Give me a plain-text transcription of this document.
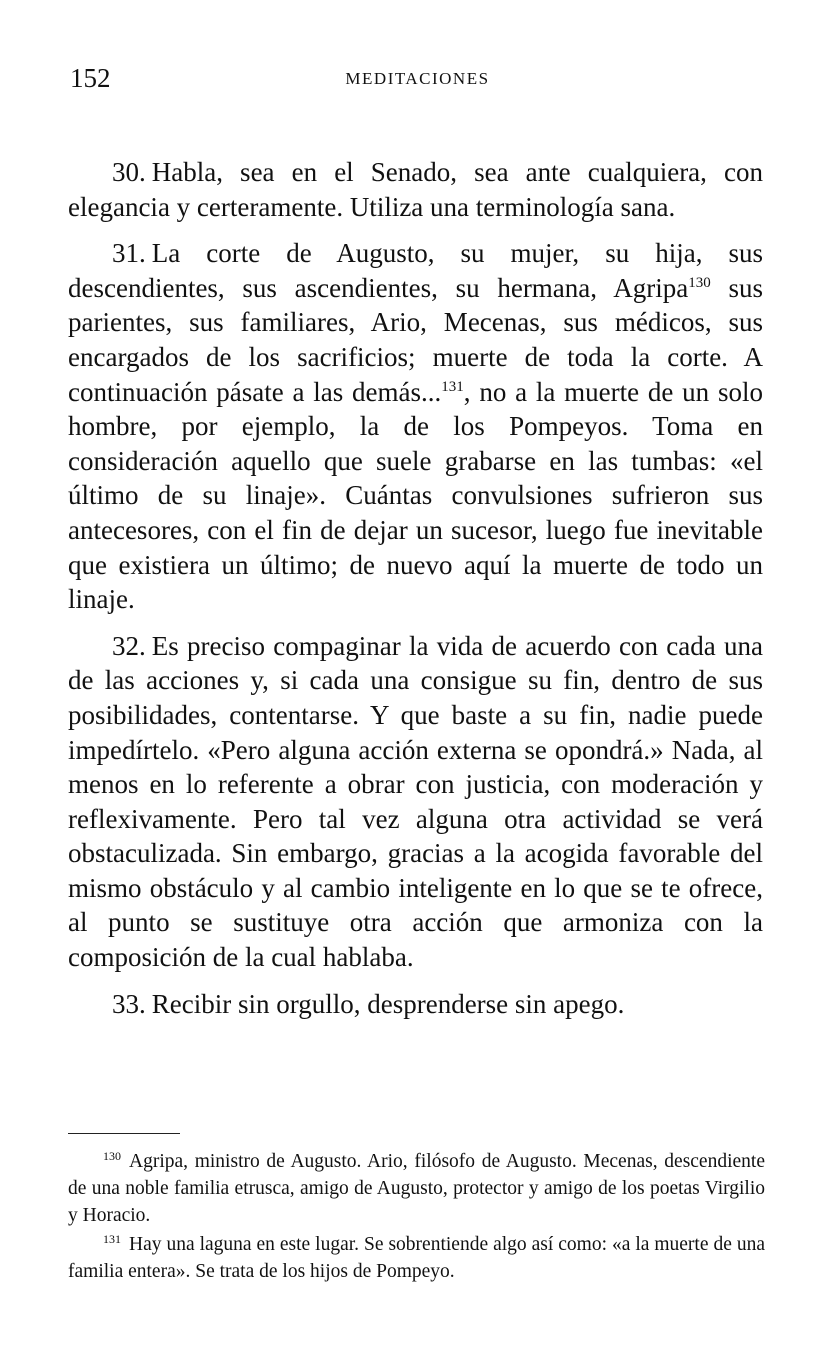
152	MEDITACIONES

30. Habla, sea en el Senado, sea ante cualquiera, con elegancia y certeramente. Utiliza una terminología sana.

31. La corte de Augusto, su mujer, su hija, sus descendientes, sus ascendientes, su hermana, Agripa$^{130}$ sus parientes, sus familiares, Ario, Mecenas, sus médicos, sus encargados de los sacrificios; muerte de toda la corte. A continuación pásate a las demás...$^{131}$, no a la muerte de un solo hombre, por ejemplo, la de los Pompeyos. Toma en consideración aquello que suele grabarse en las tumbas: «el último de su linaje». Cuántas convulsiones sufrieron sus antecesores, con el fin de dejar un sucesor, luego fue inevitable que existiera un último; de nuevo aquí la muerte de todo un linaje.

32. Es preciso compaginar la vida de acuerdo con cada una de las acciones y, si cada una consigue su fin, dentro de sus posibilidades, contentarse. Y que baste a su fin, nadie puede impedírtelo. «Pero alguna acción externa se opondrá.» Nada, al menos en lo referente a obrar con justicia, con moderación y reflexivamente. Pero tal vez alguna otra actividad se verá obstaculizada. Sin embargo, gracias a la acogida favorable del mismo obstáculo y al cambio inteligente en lo que se te ofrece, al punto se sustituye otra acción que armoniza con la composición de la cual hablaba.

33. Recibir sin orgullo, desprenderse sin apego.

$^{130}$ Agripa, ministro de Augusto. Ario, filósofo de Augusto. Mecenas, descendiente de una noble familia etrusca, amigo de Augusto, protector y amigo de los poetas Virgilio y Horacio.

$^{131}$ Hay una laguna en este lugar. Se sobrentiende algo así como: «a la muerte de una familia entera». Se trata de los hijos de Pompeyo.
